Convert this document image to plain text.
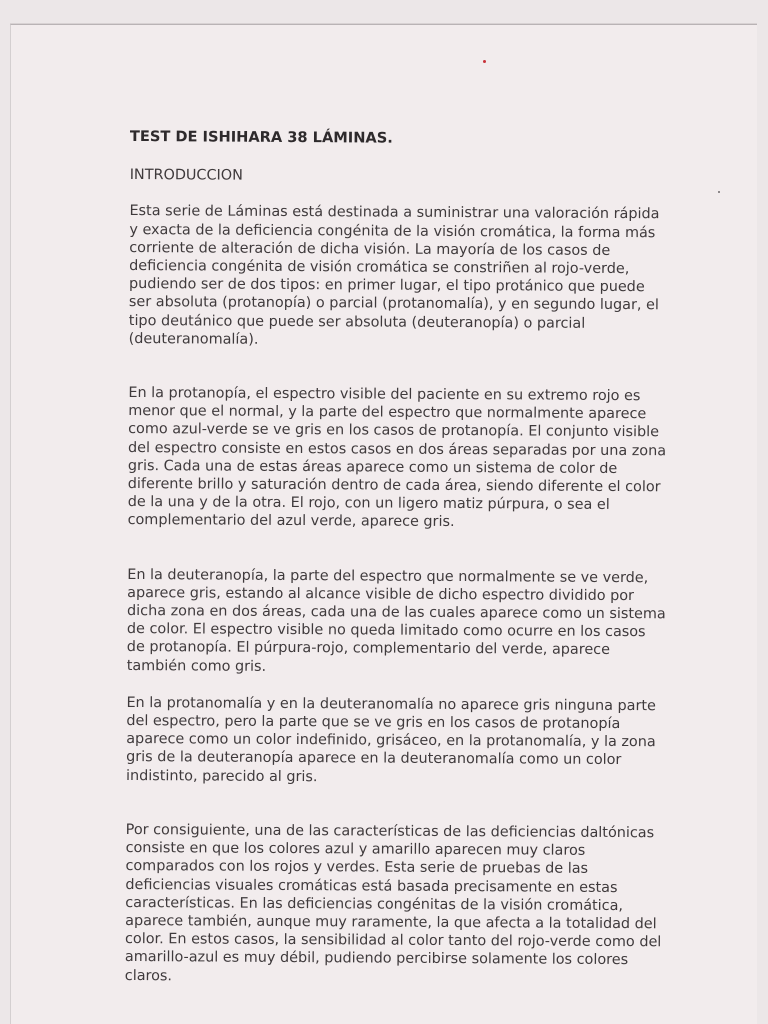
TEST DE ISHIHARA 38 LÁMINAS.
INTRODUCCION

Esta serie de Láminas está destinada a suministrar una valoración rápida y exacta de la deficiencia congénita de la visión cromática, la forma más corriente de alteración de dicha visión. La mayoría de los casos de deficiencia congénita de visión cromática se constriñen al rojo-verde, pudiendo ser de dos tipos: en primer lugar, el tipo protánico que puede ser absoluta (protanopía) o parcial (protanomalía), y en segundo lugar, el tipo deutánico que puede ser absoluta (deuteranopía) o parcial (deuteranomalía).

En la protanopía, el espectro visible del paciente en su extremo rojo es menor que el normal, y la parte del espectro que normalmente aparece como azul-verde se ve gris en los casos de protanopía. El conjunto visible del espectro consiste en estos casos en dos áreas separadas por una zona gris. Cada una de estas áreas aparece como un sistema de color de diferente brillo y saturación dentro de cada área, siendo diferente el color de la una y de la otra. El rojo, con un ligero matiz púrpura, o sea el complementario del azul verde, aparece gris.

En la deuteranopía, la parte del espectro que normalmente se ve verde, aparece gris, estando al alcance visible de dicho espectro dividido por dicha zona en dos áreas, cada una de las cuales aparece como un sistema de color. El espectro visible no queda limitado como ocurre en los casos de protanopía. El púrpura-rojo, complementario del verde, aparece también como gris.

En la protanomalía y en la deuteranomalía no aparece gris ninguna parte del espectro, pero la parte que se ve gris en los casos de protanopía aparece como un color indefinido, grisáceo, en la protanomalía, y la zona gris de la deuteranopía aparece en la deuteranomalía como un color indistinto, parecido al gris.

Por consiguiente, una de las características de las deficiencias daltónicas consiste en que los colores azul y amarillo aparecen muy claros comparados con los rojos y verdes. Esta serie de pruebas de las deficiencias visuales cromáticas está basada precisamente en estas características. En las deficiencias congénitas de la visión cromática, aparece también, aunque muy raramente, la que afecta a la totalidad del color. En estos casos, la sensibilidad al color tanto del rojo-verde como del amarillo-azul es muy débil, pudiendo percibirse solamente los colores claros.
